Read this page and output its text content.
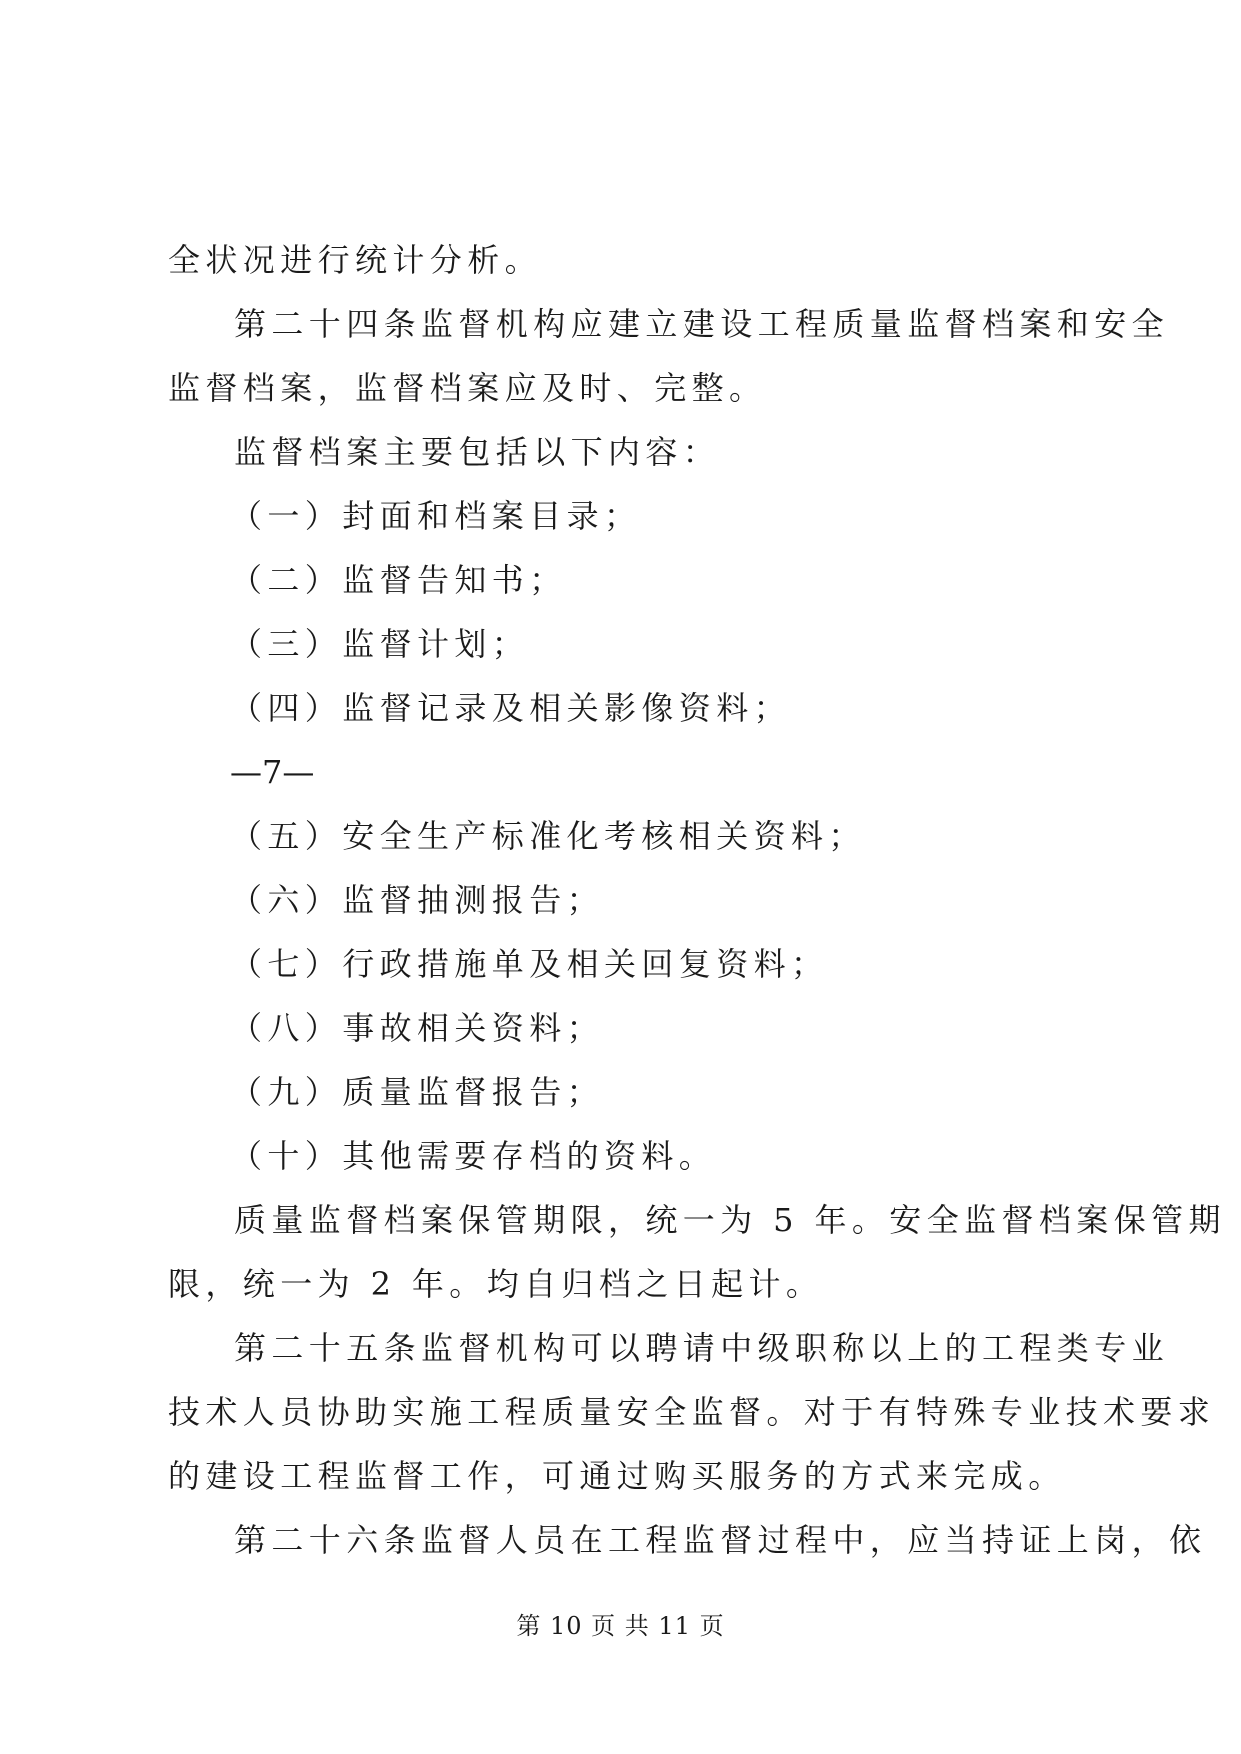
全状况进行统计分析。
第二十四条监督机构应建立建设工程质量监督档案和安全
监督档案，监督档案应及时、完整。
监督档案主要包括以下内容：
（一）封面和档案目录；
（二）监督告知书；
（三）监督计划；
（四）监督记录及相关影像资料；
—7—
（五）安全生产标准化考核相关资料；
（六）监督抽测报告；
（七）行政措施单及相关回复资料；
（八）事故相关资料；
（九）质量监督报告；
（十）其他需要存档的资料。
质量监督档案保管期限，统一为 5 年。安全监督档案保管期
限，统一为 2 年。均自归档之日起计。
第二十五条监督机构可以聘请中级职称以上的工程类专业
技术人员协助实施工程质量安全监督。对于有特殊专业技术要求
的建设工程监督工作，可通过购买服务的方式来完成。
第二十六条监督人员在工程监督过程中，应当持证上岗，依
第 10 页 共 11 页
